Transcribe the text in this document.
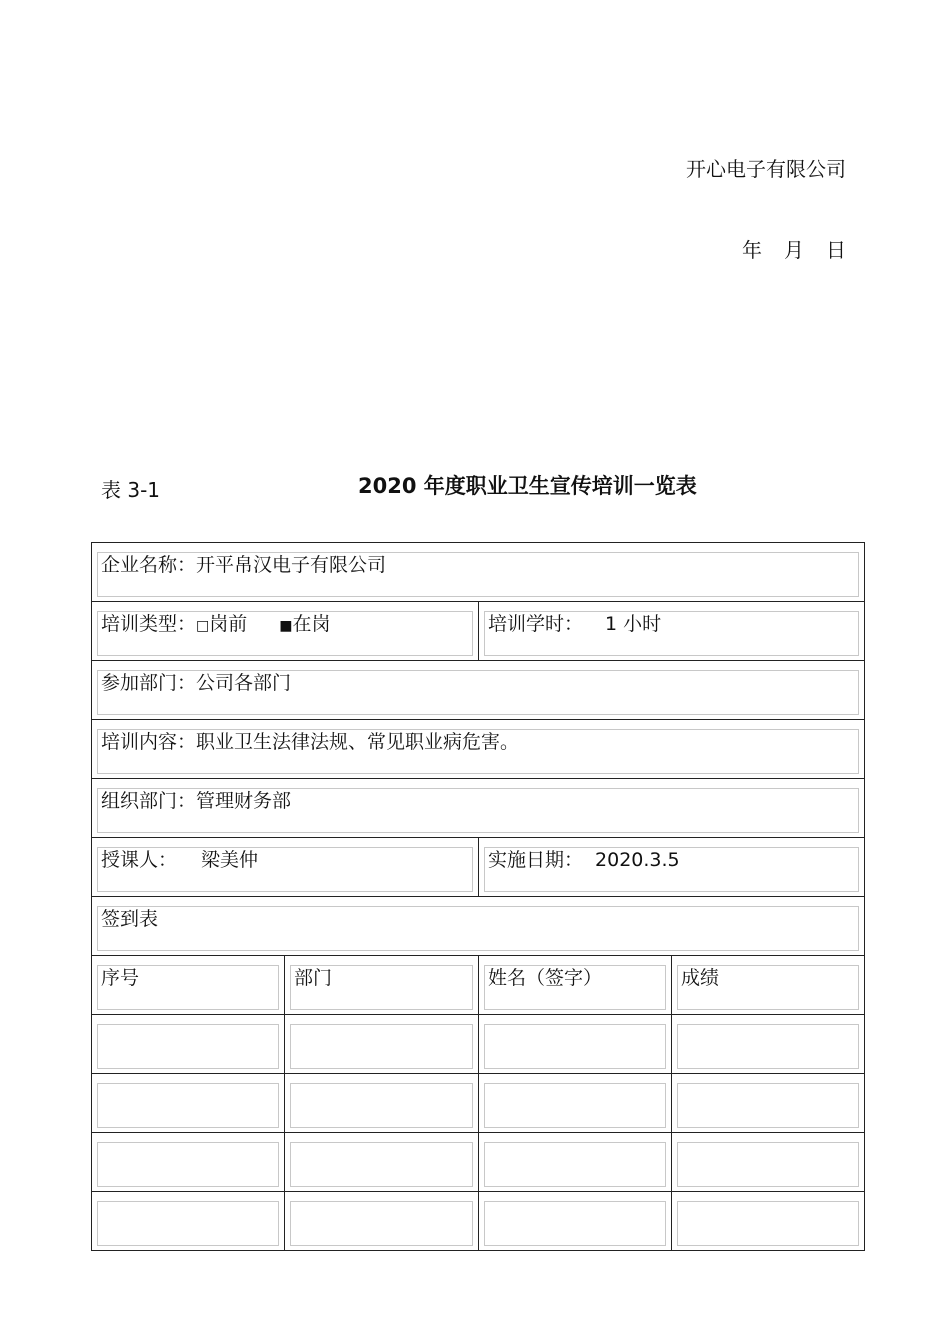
开心电子有限公司
年 月 日
表 3-1	2020 年度职业卫生宣传培训一览表
企业名称：开平帛汉电子有限公司			

培训类型：□岗前 ■在岗		培训学时： 1 小时	

参加部门：公司各部门			

培训内容：职业卫生法律法规、常见职业病危害。			

组织部门：管理财务部			

授课人： 梁美仲		实施日期： 2020.3.5	

签到表			

序号	部门	姓名（签字）	成绩
